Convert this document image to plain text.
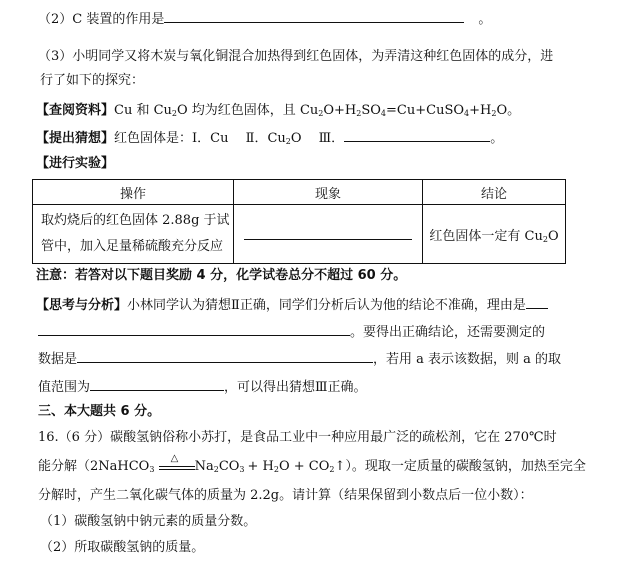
（2）C 装置的作用是	。
（3）小明同学又将木炭与氧化铜混合加热得到红色固体，为弄清这种红色固体的成分，进
行了如下的探究：
【查阅资料】Cu 和 $Cu_2O$ 均为红色固体，且 $Cu_2O+H_2SO_4=Cu+CuSO_4+H_2O$。
【提出猜想】红色固体是：Ⅰ．Cu　 Ⅱ．$Cu_2O$　 Ⅲ．	。
【进行实验】
操作	现象	结论

取灼烧后的红色固体 2.88g 于试
管中，加入足量稀硫酸充分反应		红色固体一定有 $Cu_2O$
注意：若答对以下题目奖励 4 分，化学试卷总分不超过 60 分。
【思考与分析】小林同学认为猜想Ⅱ正确，同学们分析后认为他的结论不准确，理由是
。要得出正确结论，还需要测定的
数据是	，若用 a 表示该数据，则 a 的取
值范围为	，可以得出猜想Ⅲ正确。
三、本大题共 6 分。
16.（6 分）碳酸氢钠俗称小苏打，是食品工业中一种应用最广泛的疏松剂，它在 270℃时
能分解（2NaHCO$_3$
△
$Na_2CO_3 + H_2O$ + $CO_2↑$）。现取一定质量的碳酸氢钠，加热至完全
分解时，产生二氧化碳气体的质量为 2.2g。请计算（结果保留到小数点后一位小数）：
（1）碳酸氢钠中钠元素的质量分数。
（2）所取碳酸氢钠的质量。
